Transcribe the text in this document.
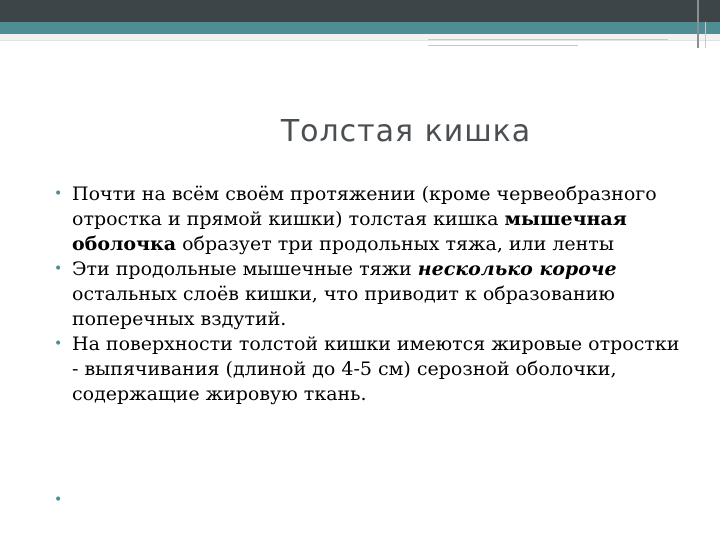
Толстая кишка
• Почти на всём своём протяжении (кроме червеобразного отростка и прямой кишки) толстая кишка мышечная оболочка образует три продольных тяжа, или ленты
• Эти продольные мышечные тяжи несколько короче остальных слоёв кишки, что приводит к образованию поперечных вздутий.
• На поверхности толстой кишки имеются жировые отростки - выпячивания (длиной до 4-5 см) серозной оболочки, содержащие жировую ткань.
•
